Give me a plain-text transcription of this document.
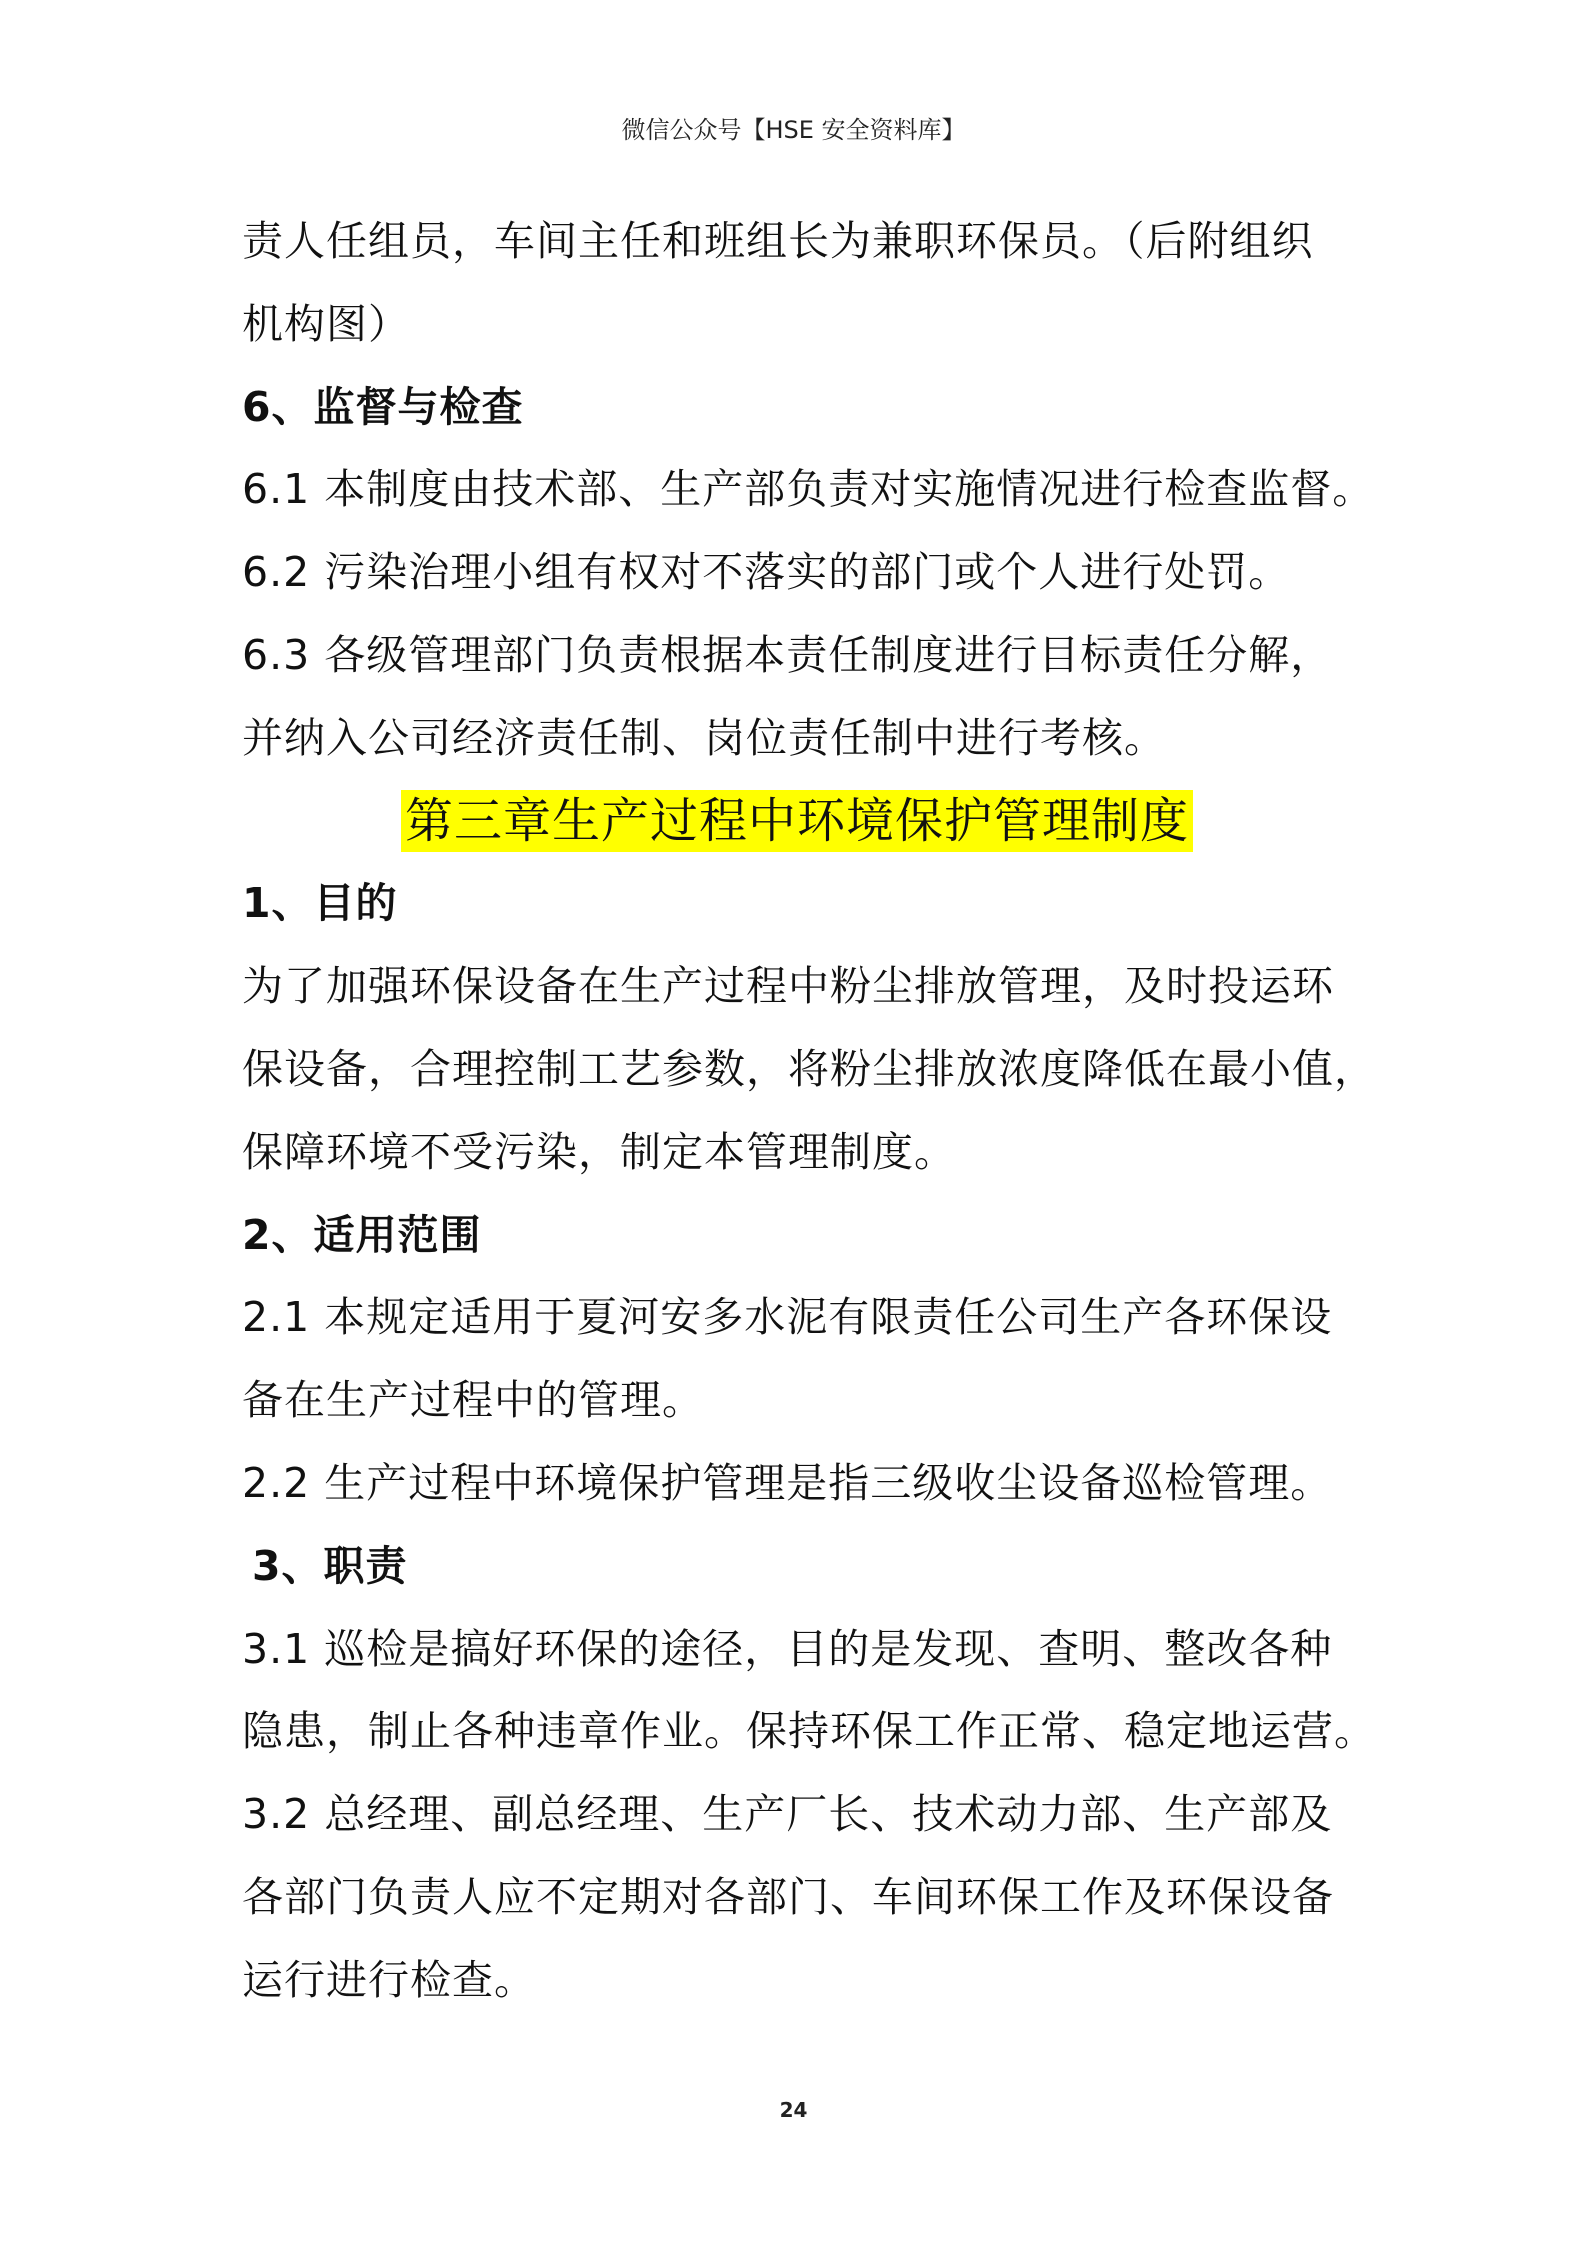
微信公众号【HSE 安全资料库】
责人任组员，车间主任和班组长为兼职环保员。（后附组织
机构图）
6、监督与检查
6.1 本制度由技术部、生产部负责对实施情况进行检查监督。
6.2 污染治理小组有权对不落实的部门或个人进行处罚。
6.3 各级管理部门负责根据本责任制度进行目标责任分解，
并纳入公司经济责任制、岗位责任制中进行考核。
第三章生产过程中环境保护管理制度
1、目的
为了加强环保设备在生产过程中粉尘排放管理，及时投运环
保设备，合理控制工艺参数，将粉尘排放浓度降低在最小值，
保障环境不受污染，制定本管理制度。
2、适用范围
2.1 本规定适用于夏河安多水泥有限责任公司生产各环保设
备在生产过程中的管理。
2.2 生产过程中环境保护管理是指三级收尘设备巡检管理。
3、职责
3.1 巡检是搞好环保的途径，目的是发现、查明、整改各种
隐患，制止各种违章作业。保持环保工作正常、稳定地运营。
3.2 总经理、副总经理、生产厂长、技术动力部、生产部及
各部门负责人应不定期对各部门、车间环保工作及环保设备
运行进行检查。
24
